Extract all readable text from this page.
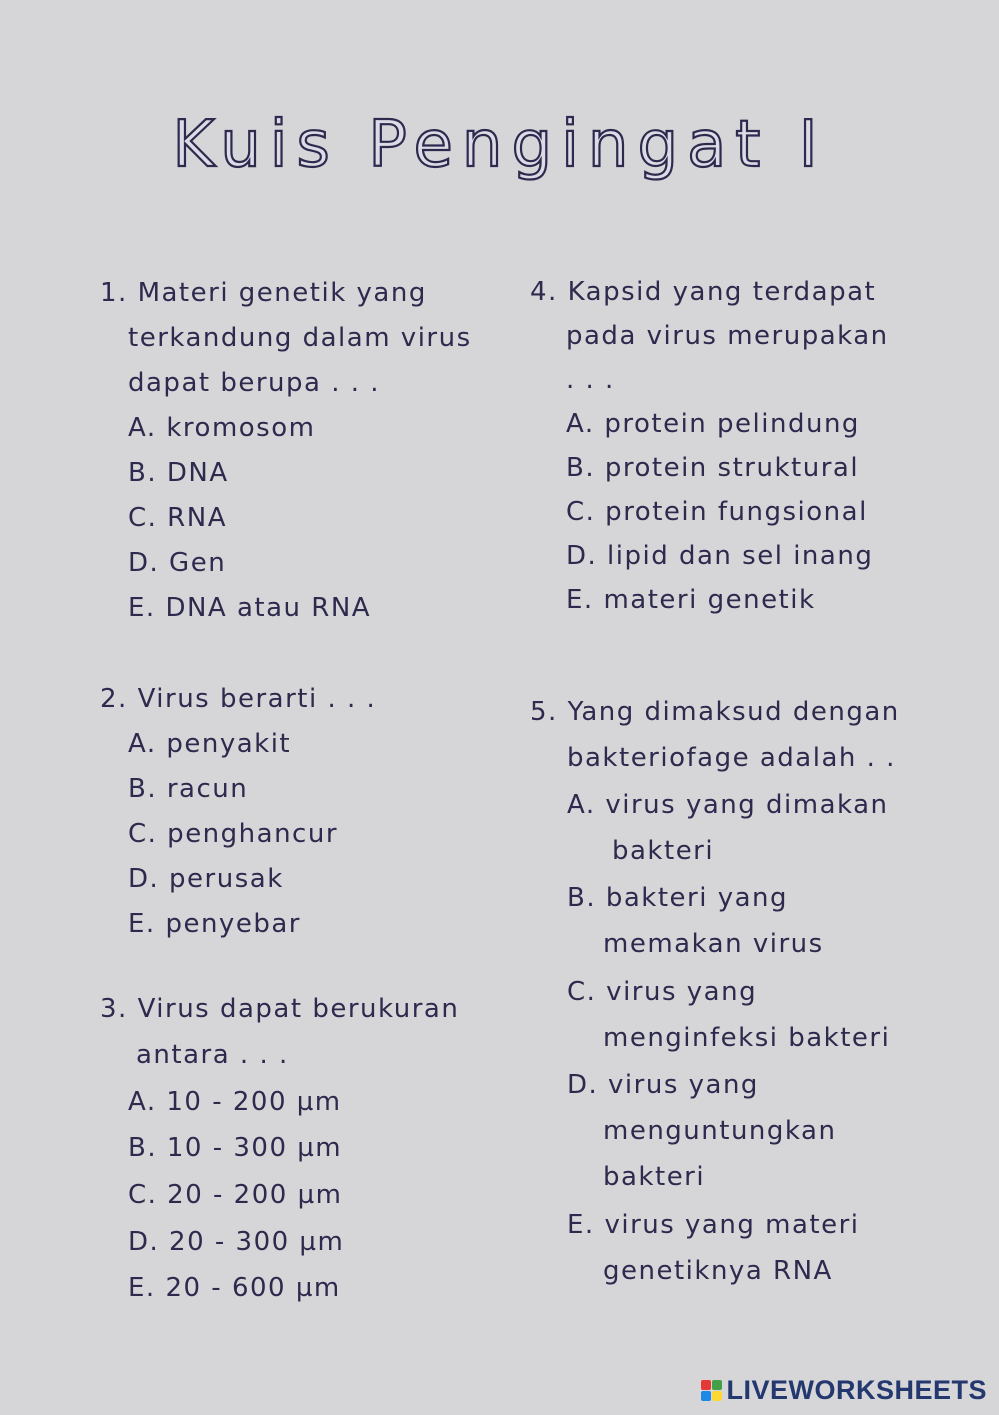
Kuis Pengingat I
1. Materi genetik yang
terkandung dalam virus
dapat berupa . . .
A. kromosom
B. DNA
C. RNA
D. Gen
E. DNA atau RNA
2. Virus berarti . . .
A. penyakit
B. racun
C. penghancur
D. perusak
E. penyebar
3. Virus dapat berukuran
antara . . .
A. 10 - 200 µm
B. 10 - 300 µm
C. 20 - 200 µm
D. 20 - 300 µm
E. 20 - 600 µm
4. Kapsid yang terdapat
pada virus merupakan
. . .
A. protein pelindung
B. protein struktural
C. protein fungsional
D. lipid dan sel inang
E. materi genetik
5. Yang dimaksud dengan
bakteriofage adalah . .
A. virus yang dimakan
bakteri
B. bakteri yang
memakan virus
C. virus yang
menginfeksi bakteri
D. virus yang
menguntungkan
bakteri
E. virus yang materi
genetiknya RNA
LIVEWORKSHEETS
